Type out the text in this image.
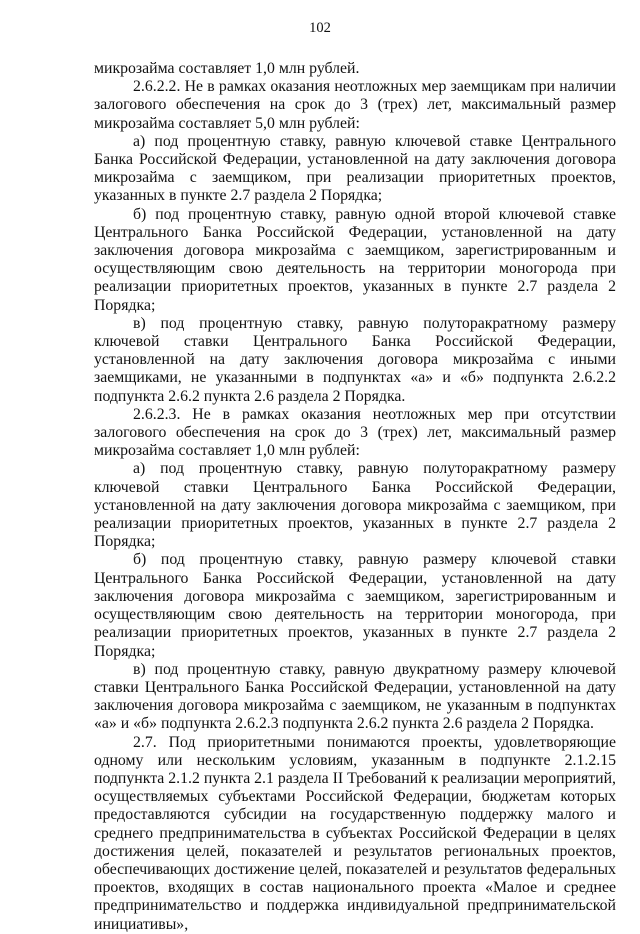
102

микрозайма составляет 1,0 млн рублей.

2.6.2.2. Не в рамках оказания неотложных мер заемщикам при наличии залогового обеспечения на срок до 3 (трех) лет, максимальный размер микрозайма составляет 5,0 млн рублей:

а) под процентную ставку, равную ключевой ставке Центрального Банка Российской Федерации, установленной на дату заключения договора микрозайма с заемщиком, при реализации приоритетных проектов, указанных в пункте 2.7 раздела 2 Порядка;

б) под процентную ставку, равную одной второй ключевой ставке Центрального Банка Российской Федерации, установленной на дату заключения договора микрозайма с заемщиком, зарегистрированным и осуществляющим свою деятельность на территории моногорода при реализации приоритетных проектов, указанных в пункте 2.7 раздела 2 Порядка;

в) под процентную ставку, равную полуторакратному размеру ключевой ставки Центрального Банка Российской Федерации, установленной на дату заключения договора микрозайма с иными заемщиками, не указанными в подпунктах «а» и «б» подпункта 2.6.2.2 подпункта 2.6.2 пункта 2.6 раздела 2 Порядка.

2.6.2.3. Не в рамках оказания неотложных мер при отсутствии залогового обеспечения на срок до 3 (трех) лет, максимальный размер микрозайма составляет 1,0 млн рублей:

а) под процентную ставку, равную полуторакратному размеру ключевой ставки Центрального Банка Российской Федерации, установленной на дату заключения договора микрозайма с заемщиком, при реализации приоритетных проектов, указанных в пункте 2.7 раздела 2 Порядка;

б) под процентную ставку, равную размеру ключевой ставки Центрального Банка Российской Федерации, установленной на дату заключения договора микрозайма с заемщиком, зарегистрированным и осуществляющим свою деятельность на территории моногорода, при реализации приоритетных проектов, указанных в пункте 2.7 раздела 2 Порядка;

в) под процентную ставку, равную двукратному размеру ключевой ставки Центрального Банка Российской Федерации, установленной на дату заключения договора микрозайма с заемщиком, не указанным в подпунктах «а» и «б» подпункта 2.6.2.3 подпункта 2.6.2 пункта 2.6 раздела 2 Порядка.

2.7. Под приоритетными понимаются проекты, удовлетворяющие одному или нескольким условиям, указанным в подпункте 2.1.2.15 подпункта 2.1.2 пункта 2.1 раздела II Требований к реализации мероприятий, осуществляемых субъектами Российской Федерации, бюджетам которых предоставляются субсидии на государственную поддержку малого и среднего предпринимательства в субъектах Российской Федерации в целях достижения целей, показателей и результатов региональных проектов, обеспечивающих достижение целей, показателей и результатов федеральных проектов, входящих в состав национального проекта «Малое и среднее предпринимательство и поддержка индивидуальной предпринимательской инициативы»,
